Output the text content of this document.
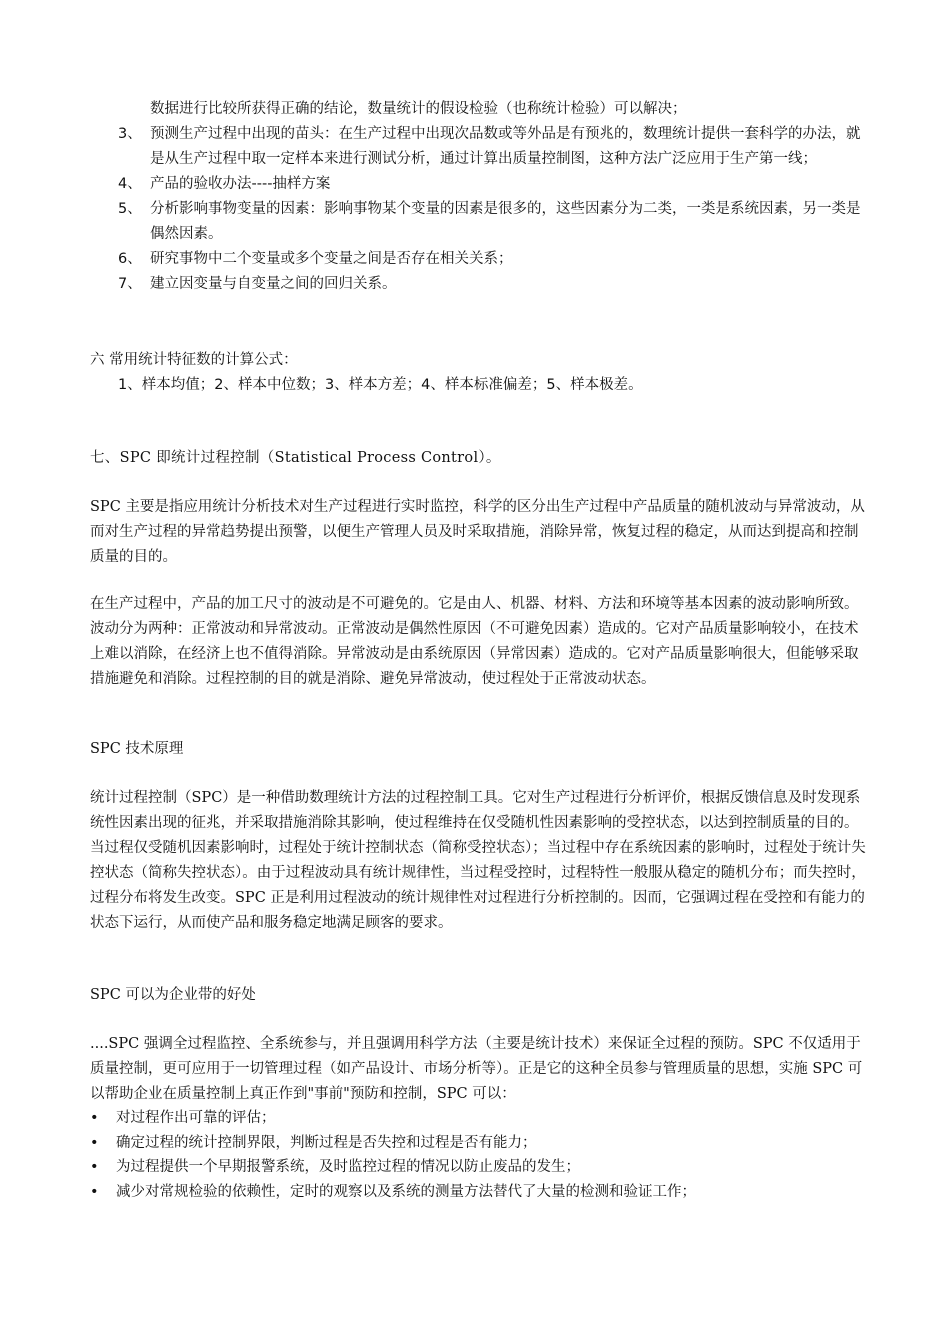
数据进行比较所获得正确的结论，数量统计的假设检验（也称统计检验）可以解决；
3、 预测生产过程中出现的苗头：在生产过程中出现次品数或等外品是有预兆的，数理统计提供一套科学的办法，就是从生产过程中取一定样本来进行测试分析，通过计算出质量控制图，这种方法广泛应用于生产第一线；
4、 产品的验收办法----抽样方案
5、 分析影响事物变量的因素：影响事物某个变量的因素是很多的，这些因素分为二类，一类是系统因素，另一类是偶然因素。
6、 研究事物中二个变量或多个变量之间是否存在相关关系；
7、 建立因变量与自变量之间的回归关系。

六 常用统计特征数的计算公式：

1、样本均值；2、样本中位数；3、样本方差；4、样本标准偏差；5、样本极差。

七、SPC 即统计过程控制（Statistical Process Control）。

SPC 主要是指应用统计分析技术对生产过程进行实时监控，科学的区分出生产过程中产品质量的随机波动与异常波动，从而对生产过程的异常趋势提出预警，以便生产管理人员及时采取措施，消除异常，恢复过程的稳定，从而达到提高和控制质量的目的。

在生产过程中，产品的加工尺寸的波动是不可避免的。它是由人、机器、材料、方法和环境等基本因素的波动影响所致。波动分为两种：正常波动和异常波动。正常波动是偶然性原因（不可避免因素）造成的。它对产品质量影响较小，在技术上难以消除，在经济上也不值得消除。异常波动是由系统原因（异常因素）造成的。它对产品质量影响很大，但能够采取措施避免和消除。过程控制的目的就是消除、避免异常波动，使过程处于正常波动状态。

SPC 技术原理

统计过程控制（SPC）是一种借助数理统计方法的过程控制工具。它对生产过程进行分析评价，根据反馈信息及时发现系统性因素出现的征兆，并采取措施消除其影响，使过程维持在仅受随机性因素影响的受控状态，以达到控制质量的目的。当过程仅受随机因素影响时，过程处于统计控制状态（简称受控状态）；当过程中存在系统因素的影响时，过程处于统计失控状态（简称失控状态）。由于过程波动具有统计规律性，当过程受控时，过程特性一般服从稳定的随机分布；而失控时，过程分布将发生改变。SPC 正是利用过程波动的统计规律性对过程进行分析控制的。因而，它强调过程在受控和有能力的状态下运行，从而使产品和服务稳定地满足顾客的要求。

SPC 可以为企业带的好处

....SPC 强调全过程监控、全系统参与，并且强调用科学方法（主要是统计技术）来保证全过程的预防。SPC 不仅适用于质量控制，更可应用于一切管理过程（如产品设计、市场分析等）。正是它的这种全员参与管理质量的思想，实施 SPC 可以帮助企业在质量控制上真正作到"事前"预防和控制，SPC 可以：

•	对过程作出可靠的评估；
•	确定过程的统计控制界限，判断过程是否失控和过程是否有能力；
•	为过程提供一个早期报警系统，及时监控过程的情况以防止废品的发生；
•	减少对常规检验的依赖性，定时的观察以及系统的测量方法替代了大量的检测和验证工作；
